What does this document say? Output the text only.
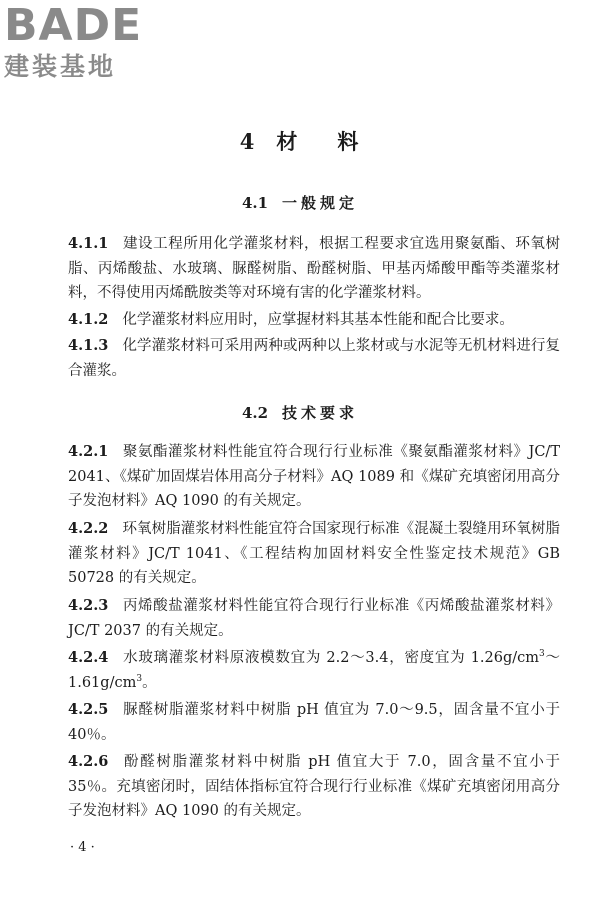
BADE
建装基地
4 材 料
4.1 一般规定
4.1.1 建设工程所用化学灌浆材料，根据工程要求宜选用聚氨酯、环氧树脂、丙烯酸盐、水玻璃、脲醛树脂、酚醛树脂、甲基丙烯酸甲酯等类灌浆材料，不得使用丙烯酰胺类等对环境有害的化学灌浆材料。
4.1.2 化学灌浆材料应用时，应掌握材料其基本性能和配合比要求。
4.1.3 化学灌浆材料可采用两种或两种以上浆材或与水泥等无机材料进行复合灌浆。
4.2 技术要求
4.2.1 聚氨酯灌浆材料性能宜符合现行行业标准《聚氨酯灌浆材料》JC/T 2041、《煤矿加固煤岩体用高分子材料》AQ 1089 和《煤矿充填密闭用高分子发泡材料》AQ 1090 的有关规定。
4.2.2 环氧树脂灌浆材料性能宜符合国家现行标准《混凝土裂缝用环氧树脂灌浆材料》JC/T 1041、《工程结构加固材料安全性鉴定技术规范》GB 50728 的有关规定。
4.2.3 丙烯酸盐灌浆材料性能宜符合现行行业标准《丙烯酸盐灌浆材料》JC/T 2037 的有关规定。
4.2.4 水玻璃灌浆材料原液模数宜为 2.2～3.4，密度宜为 $1.26g/cm^3\sim 1.61g/cm^3$。
4.2.5 脲醛树脂灌浆材料中树脂 pH 值宜为 7.0～9.5，固含量不宜小于 40％。
4.2.6 酚醛树脂灌浆材料中树脂 pH 值宜大于 7.0，固含量不宜小于 35％。充填密闭时，固结体指标宜符合现行行业标准《煤矿充填密闭用高分子发泡材料》AQ 1090 的有关规定。
· 4 ·
